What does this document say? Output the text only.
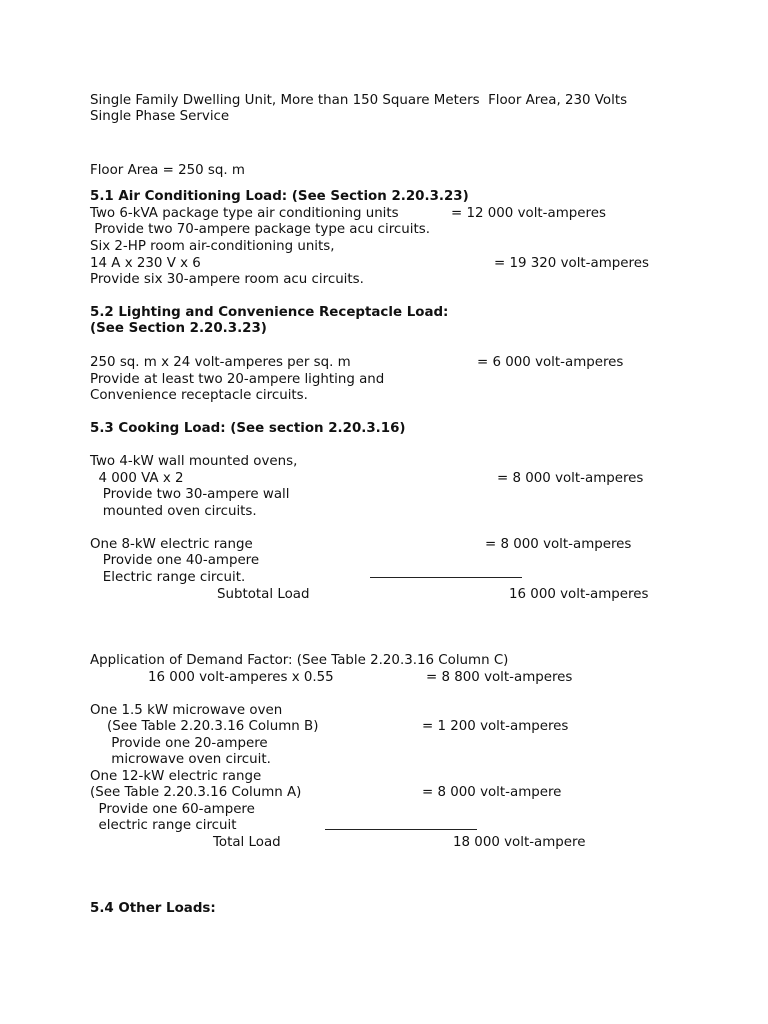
Single Family Dwelling Unit, More than 150 Square Meters  Floor Area, 230 Volts
Single Phase Service
Floor Area = 250 sq. m
5.1 Air Conditioning Load: (See Section 2.20.3.23)
Two 6-kVA package type air conditioning units	= 12 000 volt-amperes
Provide two 70-ampere package type acu circuits.
Six 2-HP room air-conditioning units,
14 A x 230 V x 6	= 19 320 volt-amperes
Provide six 30-ampere room acu circuits.
5.2 Lighting and Convenience Receptacle Load:
(See Section 2.20.3.23)
250 sq. m x 24 volt-amperes per sq. m	= 6 000 volt-amperes
Provide at least two 20-ampere lighting and
Convenience receptacle circuits.
5.3 Cooking Load: (See section 2.20.3.16)
Two 4-kW wall mounted ovens,
4 000 VA x 2	= 8 000 volt-amperes
Provide two 30-ampere wall
mounted oven circuits.
One 8-kW electric range	= 8 000 volt-amperes
Provide one 40-ampere
Electric range circuit.
Subtotal Load	16 000 volt-amperes
Application of Demand Factor: (See Table 2.20.3.16 Column C)
16 000 volt-amperes x 0.55	= 8 800 volt-amperes
One 1.5 kW microwave oven
(See Table 2.20.3.16 Column B)	= 1 200 volt-amperes
Provide one 20-ampere
microwave oven circuit.
One 12-kW electric range
(See Table 2.20.3.16 Column A)	= 8 000 volt-ampere
Provide one 60-ampere
electric range circuit
Total Load	18 000 volt-ampere
5.4 Other Loads:
